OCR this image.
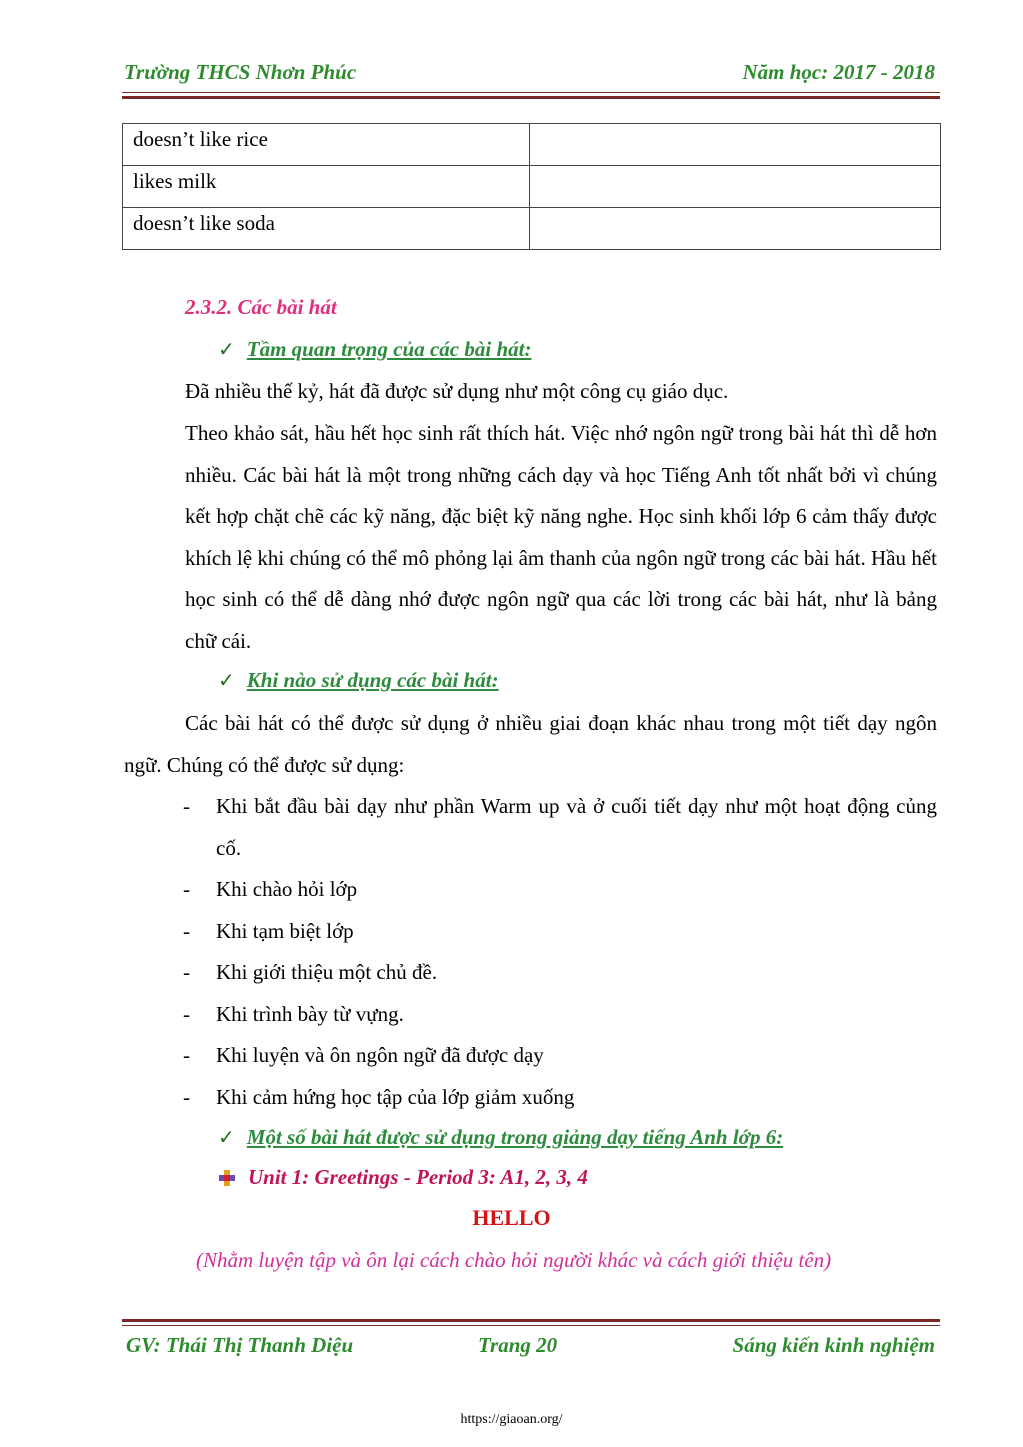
Trường THCS Nhơn Phúc	Năm học: 2017 - 2018
doesn’t like rice	
likes milk	
doesn’t like soda	
2.3.2. Các bài hát
✓ Tầm quan trọng của các bài hát:
Đã nhiều thế kỷ, hát đã được sử dụng như một công cụ giáo dục.
Theo khảo sát, hầu hết học sinh rất thích hát. Việc nhớ ngôn ngữ trong bài hát thì dễ hơn nhiều. Các bài hát là một trong những cách dạy và học Tiếng Anh tốt nhất bởi vì chúng kết hợp chặt chẽ các kỹ năng, đặc biệt kỹ năng nghe. Học sinh khối lớp 6 cảm thấy được khích lệ khi chúng có thể mô phỏng lại âm thanh của ngôn ngữ trong các bài hát. Hầu hết học sinh có thể dễ dàng nhớ được ngôn ngữ qua các lời trong các bài hát, như là bảng chữ cái.
✓ Khi nào sử dụng các bài hát:
Các bài hát có thể được sử dụng ở nhiều giai đoạn khác nhau trong một tiết dạy ngôn ngữ. Chúng có thể được sử dụng:
-	Khi bắt đầu bài dạy như phần Warm up và ở cuối tiết dạy như một hoạt động củng cố.
-	Khi chào hỏi lớp
-	Khi tạm biệt lớp
-	Khi giới thiệu một chủ đề.
-	Khi trình bày từ vựng.
-	Khi luyện và ôn ngôn ngữ đã được dạy
-	Khi cảm hứng học tập của lớp giảm xuống
✓ Một số bài hát được sử dụng trong giảng dạy tiếng Anh lớp 6:
Unit 1: Greetings - Period 3: A1, 2, 3, 4
HELLO
(Nhằm luyện tập và ôn lại cách chào hỏi người khác và cách giới thiệu tên)
GV: Thái Thị Thanh Diệu	Trang 20	Sáng kiến kinh nghiệm
https://giaoan.org/
